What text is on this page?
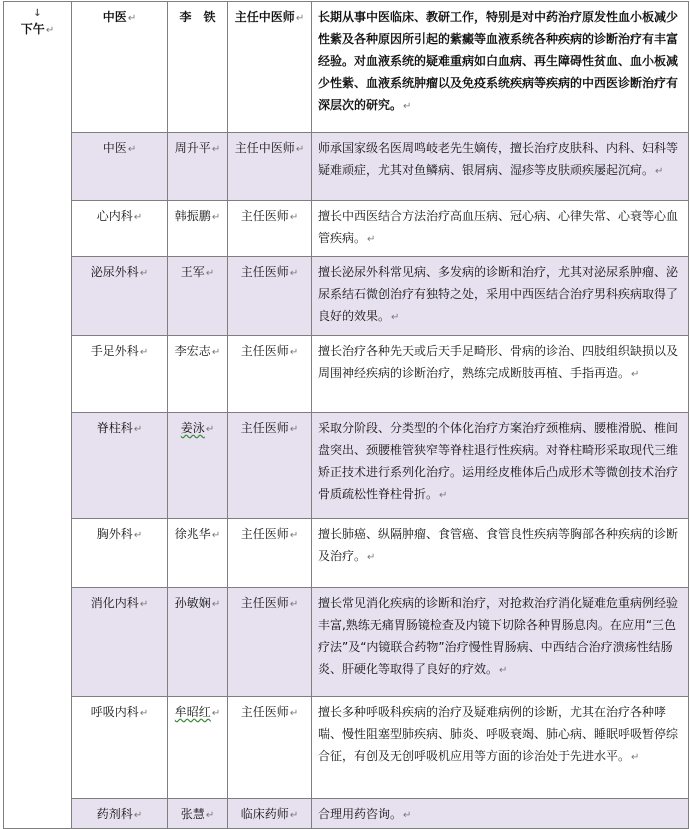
↓
下午↵	中医↵	李　铁	主任中医师↵	长期从事中医临床、教研工作，特别是对中药治疗原发性血小板减少性紫及各种原因所引起的紫癜等血液系统各种疾病的诊断治疗有丰富经验。对血液系统的疑难重病如白血病、再生障碍性贫血、血小板减少性紫、血液系统肿瘤以及免疫系统疾病等疾病的中西医诊断治疗有深层次的研究。↵
	中医↵	周升平↵	主任中医师↵	师承国家级名医周鸣岐老先生嫡传，擅长治疗皮肤科、内科、妇科等疑难顽症，尤其对鱼鳞病、银屑病、湿疹等皮肤顽疾屡起沉疴。↵
	心内科↵	韩振鹏↵	主任医师↵	擅长中西医结合方法治疗高血压病、冠心病、心律失常、心衰等心血管疾病。↵
	泌尿外科↵	王军↵	主任医师↵	擅长泌尿外科常见病、多发病的诊断和治疗，尤其对泌尿系肿瘤、泌尿系结石微创治疗有独特之处，采用中西医结合治疗男科疾病取得了良好的效果。↵
	手足外科↵	李宏志↵	主任医师↵	擅长治疗各种先天或后天手足畸形、骨病的诊治、四肢组织缺损以及周围神经疾病的诊断治疗，熟练完成断肢再植、手指再造。↵
	脊柱科↵	姜泳↵	主任医师↵	采取分阶段、分类型的个体化治疗方案治疗颈椎病、腰椎滑脱、椎间盘突出、颈腰椎管狭窄等脊柱退行性疾病。对脊柱畸形采取现代三维矫正技术进行系列化治疗。运用经皮椎体后凸成形术等微创技术治疗骨质疏松性脊柱骨折。↵
	胸外科↵	徐兆华↵	主任医师↵	擅长肺癌、纵隔肿瘤、食管癌、食管良性疾病等胸部各种疾病的诊断及治疗。↵
	消化内科↵	孙敏娴↵	主任医师↵	擅长常见消化疾病的诊断和治疗，对抢救治疗消化疑难危重病例经验丰富,熟练无痛胃肠镜检查及内镜下切除各种胃肠息肉。在应用“三色疗法”及“内镜联合药物”治疗慢性胃肠病、中西结合治疗溃疡性结肠炎、肝硬化等取得了良好的疗效。↵
	呼吸内科↵	牟昭红↵	主任医师↵	擅长多种呼吸科疾病的治疗及疑难病例的诊断，尤其在治疗各种哮喘、慢性阻塞型肺疾病、肺炎、呼吸衰竭、肺心病、睡眠呼吸暂停综合征，有创及无创呼吸机应用等方面的诊治处于先进水平。↵
	药剂科↵	张慧↵	临床药师↵	合理用药咨询。↵
